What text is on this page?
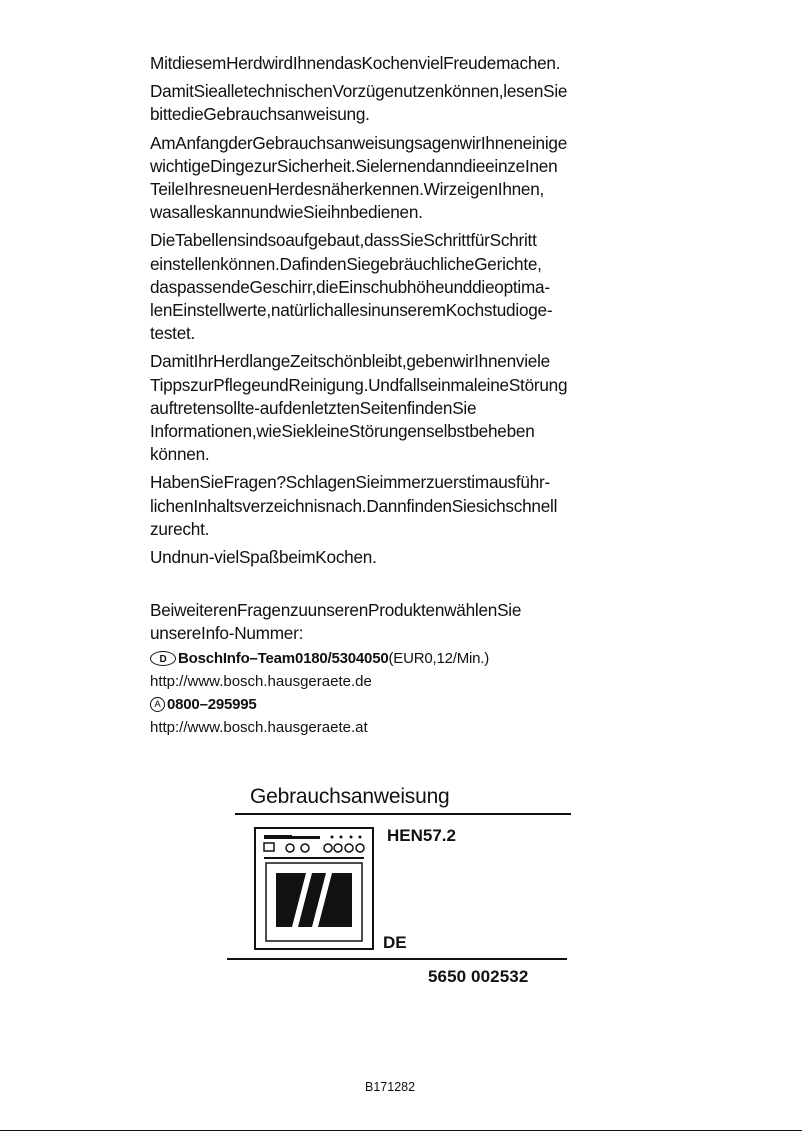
MitdiesemHerdwirdIhnendasKochenvielFreudemachen.

DamitSiealletechnischenVorzügenutzenkönnen,lesenSie
bittedieGebrauchsanweisung.

AmAnfangderGebrauchsanweisungsagenwirIhneneinige
wichtigeDingezurSicherheit.SielernendanndieeinzeInen
TeileIhresneuenHerdesnäherkennen.WirzeigenIhnen,
wasalleskannundwieSieihnbedienen.

DieTabellensindsoaufgebaut,dassSieSchrittfürSchritt
einstellenkönnen.DafindenSiegebräuchlicheGerichte,
daspassendeGeschirr,dieEinschubhöheunddieoptima-
lenEinstellwerte,natürlichallesinunseremKochstudioge-
testet.

DamitIhrHerdlangeZeitschönbleibt,gebenwirIhnenviele
TippszurPflegeundReinigung.UndfallseinmaleineStörung auftretensollte-aufdenletztenSeitenfindenSie
Informationen,wieSiekleineStörungenselbstbeheben
können.

HabenSieFragen?SchlagenSieimmerzuerstimausführ-
lichenInhaltsverzeichnisnach.DannfindenSiesichschnell
zurecht.

Undnun-vielSpaßbeimKochen.

BeiweiterenFragenzuunserenProduktenwählenSie
unsereInfo-Nummer:

D BoschInfo–Team 0180/5304050 (EUR0,12/Min.)
http://www.bosch.hausgeraete.de
A 0800–295995
http://www.bosch.hausgeraete.at
Gebrauchsanweisung
HEN57.2
DE
5650 002532
B171282
